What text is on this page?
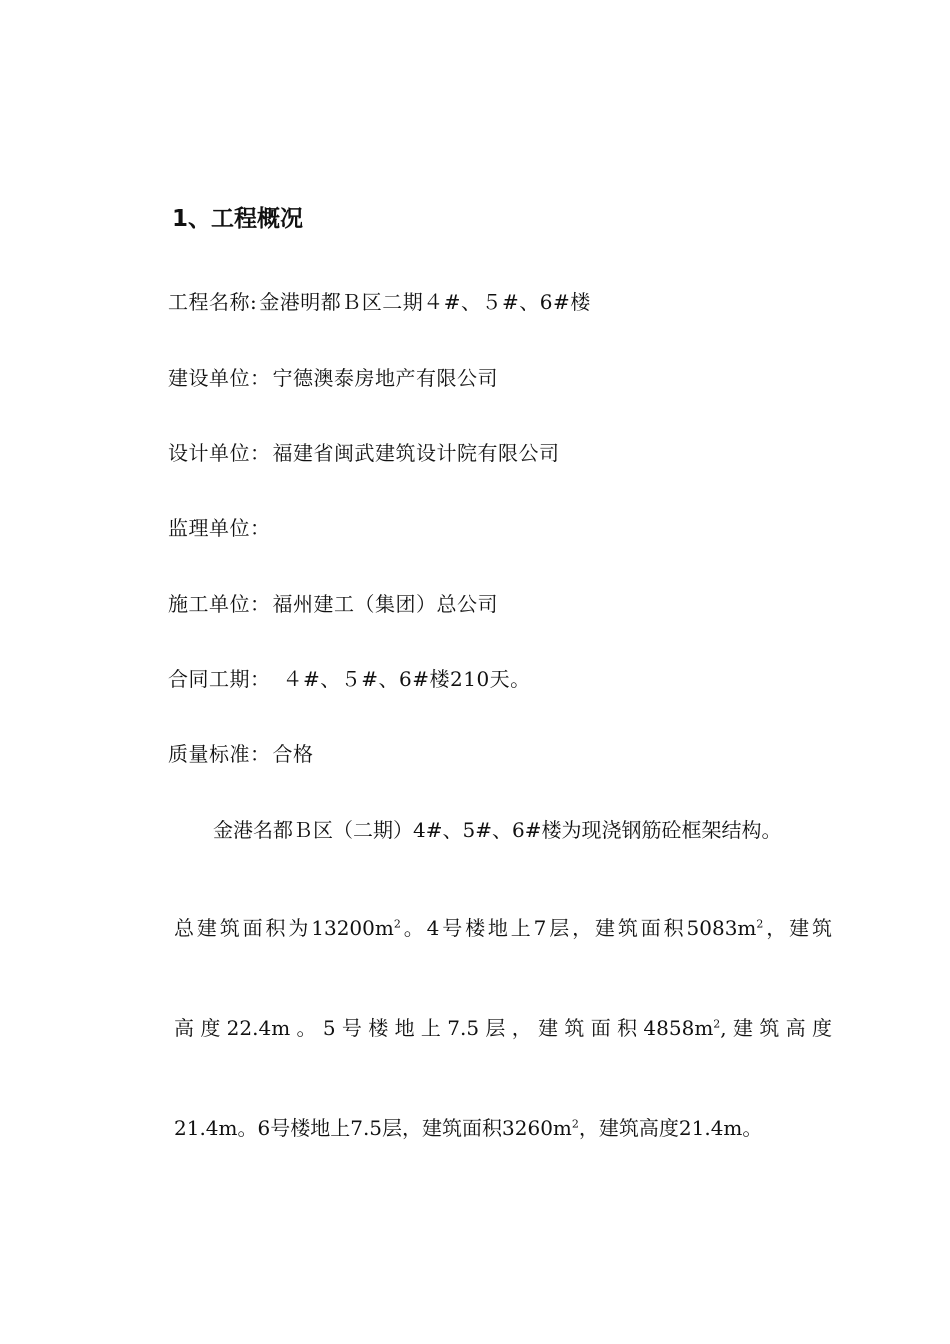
1、工程概况
工程名称: 金港明都Ｂ区二期４#、５#、6#楼
建设单位： 宁德澳泰房地产有限公司
设计单位： 福建省闽武建筑设计院有限公司
监理单位：
施工单位： 福州建工（集团）总公司
合同工期： ４#、５#、6#楼210天。
质量标准： 合格
金港名都Ｂ区（二期）4#、5#、6#楼为现浇钢筋砼框架结构。
总建筑面积为$13200m^2$。4号楼地上7层，建筑面积$5083m^2$，建筑
高度22.4m。5号楼地上7.5层，建筑面积$4858m^2$,建筑高度
21.4m。6号楼地上7.5层，建筑面积$3260m^2$，建筑高度21.4m。
